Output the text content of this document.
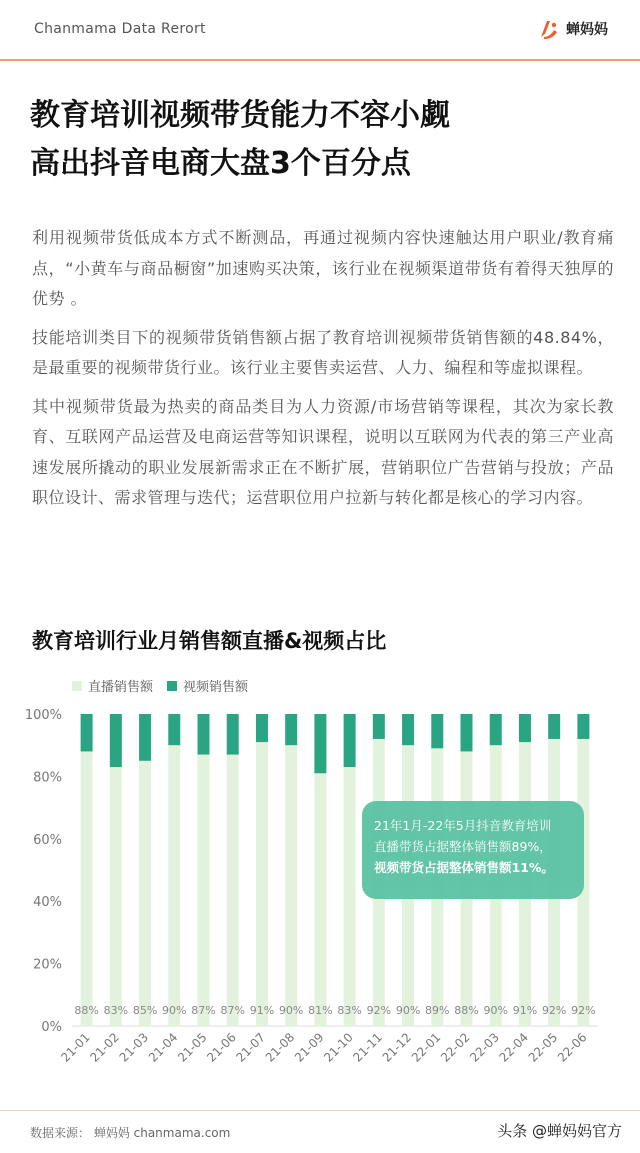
Chanmama Data Rerort	蝉妈妈
教育培训视频带货能力不容小觑
高出抖音电商大盘3个百分点

利用视频带货低成本方式不断测品，再通过视频内容快速触达用户职业/教育痛点，“小黄车与商品橱窗”加速购买决策，该行业在视频渠道带货有着得天独厚的优势 。

技能培训类目下的视频带货销售额占据了教育培训视频带货销售额的48.84%，是最重要的视频带货行业。该行业主要售卖运营、人力、编程和等虚拟课程。

其中视频带货最为热卖的商品类目为人力资源/市场营销等课程，其次为家长教育、互联网产品运营及电商运营等知识课程，说明以互联网为代表的第三产业高速发展所撬动的职业发展新需求正在不断扩展，营销职位广告营销与投放；产品职位设计、需求管理与迭代；运营职位用户拉新与转化都是核心的学习内容。

教育培训行业月销售额直播&视频占比
直播销售额 视频销售额
0%
20%
40%
60%
80%
100%
88%
21-01
83%
21-02
85%
21-03
90%
21-04
87%
21-05
87%
21-06
91%
21-07
90%
21-08
81%
21-09
83%
21-10
92%
21-11
90%
21-12
89%
22-01
88%
22-02
90%
22-03
91%
22-04
92%
22-05
92%
22-06
21年1月-22年5月抖音教育培训
直播带货占据整体销售额89%，
视频带货占据整体销售额11%。
数据来源： 蝉妈妈 chanmama.com	头条 @蝉妈妈官方
